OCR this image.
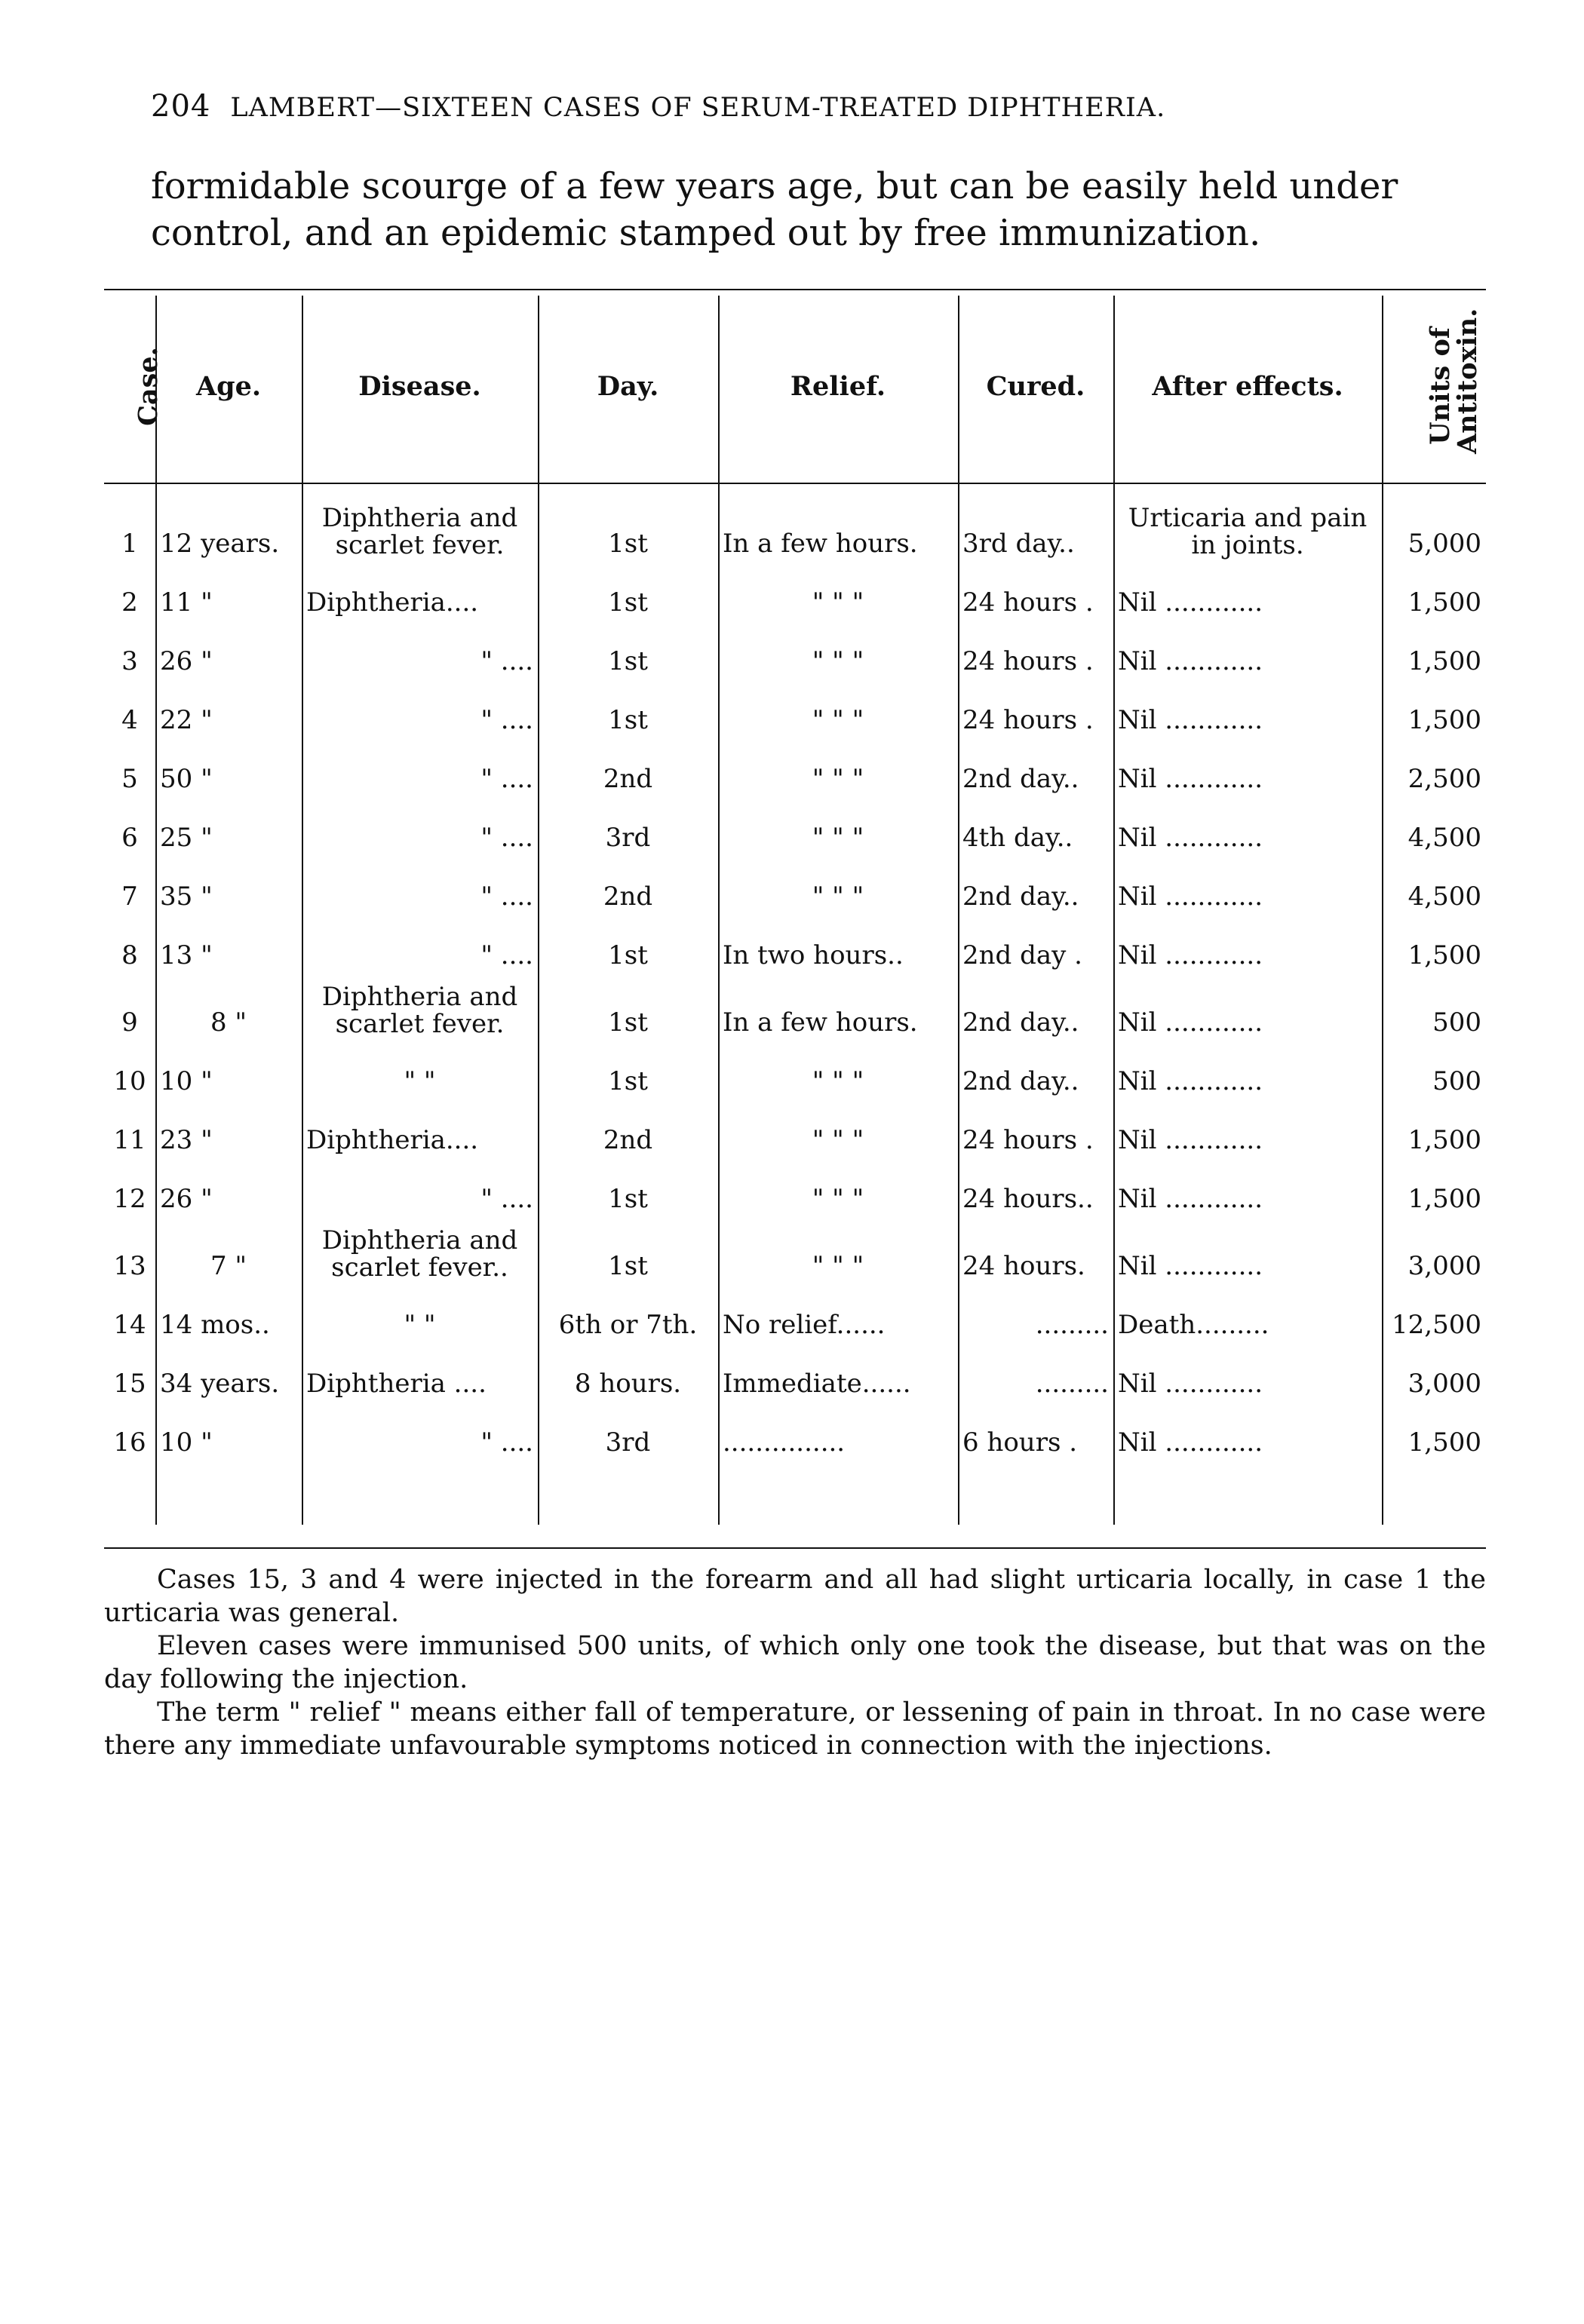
204 LAMBERT—SIXTEEN CASES OF SERUM-TREATED DIPHTHERIA.
formidable scourge of a few years age, but can be easily held under control, and an epidemic stamped out by free immunization.
Case.	Age.	Disease.	Day.	Relief.	Cured.	After effects.	Units of Antitoxin.

1	12 years.	Diphtheria and scarlet fever.	1st	In a few hours.	3rd day..	Urticaria and pain in joints.	5,000
2	11 "	Diphtheria....	1st	" " "	24 hours .	Nil ............	1,500
3	26 "	" ....	1st	" " "	24 hours .	Nil ............	1,500
4	22 "	" ....	1st	" " "	24 hours .	Nil ............	1,500
5	50 "	" ....	2nd	" " "	2nd day..	Nil ............	2,500
6	25 "	" ....	3rd	" " "	4th day..	Nil ............	4,500
7	35 "	" ....	2nd	" " "	2nd day..	Nil ............	4,500
8	13 "	" ....	1st	In two hours..	2nd day .	Nil ............	1,500
9	8 "	Diphtheria and scarlet fever.	1st	In a few hours.	2nd day..	Nil ............	500
10	10 "	" "	1st	" " "	2nd day..	Nil ............	500
11	23 "	Diphtheria....	2nd	" " "	24 hours .	Nil ............	1,500
12	26 "	" ....	1st	" " "	24 hours..	Nil ............	1,500
13	7 "	Diphtheria and scarlet fever..	1st	" " "	24 hours.	Nil ............	3,000
14	14 mos..	" "	6th or 7th.	No relief......	.........	Death.........	12,500
15	34 years.	Diphtheria ....	8 hours.	Immediate......	.........	Nil ............	3,000
16	10 "	" ....	3rd	...............	6 hours .	Nil ............	1,500

Cases 15, 3 and 4 were injected in the forearm and all had slight urticaria locally, in case 1 the urticaria was general.

Eleven cases were immunised 500 units, of which only one took the disease, but that was on the day following the injection.

The term " relief " means either fall of temperature, or lessening of pain in throat. In no case were there any immediate unfavourable symptoms noticed in connection with the injections.
